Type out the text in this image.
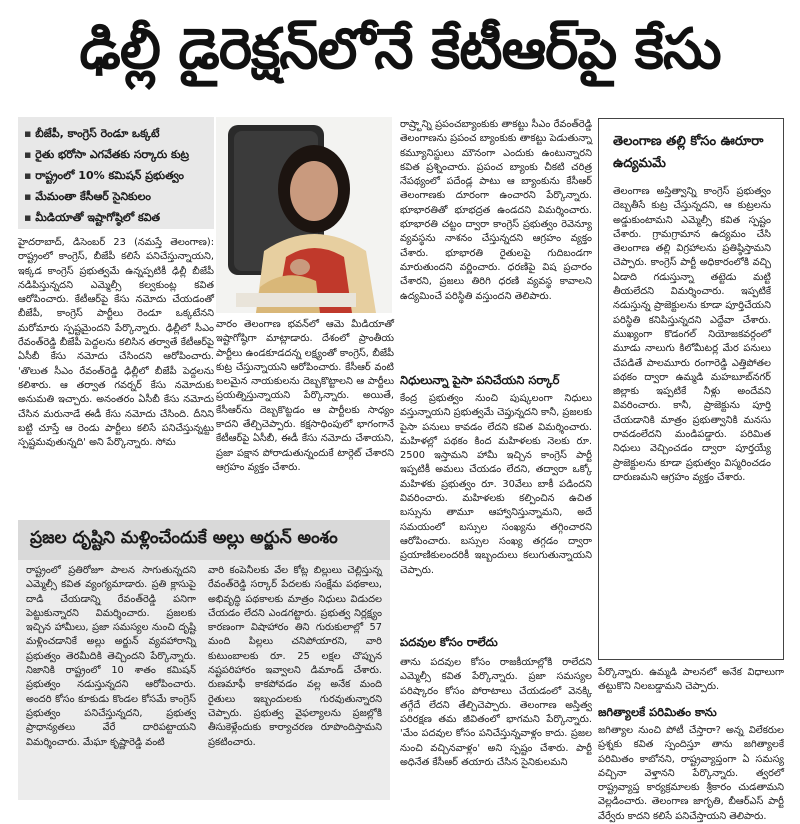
ఢిల్లీ డైరెక్షన్‌లోనే కేటీఆర్‌పై కేసు
▪ బీజేపీ, కాంగ్రెస్ రెండూ ఒక్కటే
▪ రైతు భరోసా ఎగవేతకు సర్కారు కుట్ర
▪ రాష్ట్రంలో 10% కమిషన్ ప్రభుత్వం
▪ మేమంతా కేసీఆర్ సైనికులం
▪ మీడియాతో ఇష్టాగోష్ఠిలో కవిత

హైదరాబాద్, డిసెంబర్ 23 (నమస్తే తెలంగాణ): రాష్ట్రంలో కాంగ్రెస్, బీజేపీ కలిసే పనిచేస్తున్నాయని, ఇక్కడ కాంగ్రెస్ ప్రభుత్వమే ఉన్నప్పటికీ ఢిల్లీ బీజేపీ నడిపిస్తున్నదని ఎమ్మెల్సీ కల్వకుంట్ల కవిత ఆరోపించారు. కేటీఆర్‌పై కేసు నమోదు చేయడంతో బీజేపీ, కాంగ్రెస్ పార్టీలు రెండూ ఒక్కటేనని మరోమారు స్పష్టమైందని పేర్కొన్నారు. ఢిల్లీలో సీఎం రేవంత్‌రెడ్డి బీజేపీ పెద్దలను కలిసిన తర్వాతే కేటీఆర్‌పై ఏసీబీ కేసు నమోదు చేసిందని ఆరోపించారు. 'తొలుత సీఎం రేవంత్‌రెడ్డి ఢిల్లీలో బీజేపీ పెద్దలను కలిశారు. ఆ తర్వాత గవర్నర్ కేసు నమోదుకు అనుమతి ఇచ్చారు. అనంతరం ఏసీబీ కేసు నమోదు చేసిన మరునాడే ఈడీ కేసు నమోదు చేసింది. దీనిని బట్టి చూస్తే ఆ రెండు పార్టీలు కలిసే పనిచేస్తున్నట్టు స్పష్టమవుతున్నది' అని పేర్కొన్నారు. సోమ

వారం తెలంగాణ భవన్‌లో ఆమె మీడియాతో ఇష్టాగోష్ఠిగా మాట్లాడారు. దేశంలో ప్రాంతీయ పార్టీలు ఉండకూడదన్న లక్ష్యంతో కాంగ్రెస్, బీజేపీ కుట్ర చేస్తున్నాయని ఆరోపించారు. కేసీఆర్ వంటి బలమైన నాయకులను దెబ్బకొట్టాలని ఆ పార్టీలు ప్రయత్నిస్తున్నాయని పేర్కొన్నారు. అయితే, కేసీఆర్‌ను దెబ్బకొట్టడం ఆ పార్టీలకు సాధ్యం కాదని తేల్చిచెప్పారు. కక్షసాధింపులో భాగంగానే కేటీఆర్‌పై ఏసీబీ, ఈడీ కేసు నమోదు చేశాయని, ప్రజా పక్షాన పోరాడుతున్నందుకే టార్గెట్ చేశారని ఆగ్రహం వ్యక్తం చేశారు.

రాష్ర్టాన్ని ప్రపంచబ్యాంకుకు తాకట్టు సీఎం రేవంత్‌రెడ్డి తెలంగాణను ప్రపంచ బ్యాంకుకు తాకట్టు పెడుతున్నా కమ్యూనిస్టులు మౌనంగా ఎందుకు ఉంటున్నారని కవిత ప్రశ్నించారు. ప్రపంచ బ్యాంకు చీకటి చరిత్ర నేపథ్యంలో పదేండ్ల పాటు ఆ బ్యాంకును కేసీఆర్ తెలంగాణకు దూరంగా ఉంచారని పేర్కొన్నారు. భూభారతితో భూభద్రత ఉండదని విమర్శించారు. భూభారతి చట్టం ద్వారా కాంగ్రెస్ ప్రభుత్వం రెవెన్యూ వ్యవస్థను నాశనం చేస్తున్నదని ఆగ్రహం వ్యక్తం చేశారు. భూభారతి రైతులపై గుదిబండగా మారుతుందని వర్ణించారు. ధరణిపై విష ప్రచారం చేశారని, ప్రజలు తిరిగి ధరణి వ్యవస్థ కావాలని ఉద్యమించే పరిస్థితి వస్తుందని తెలిపారు.

నిధులున్నా పైసా పనిచేయని సర్కార్

కేంద్ర ప్రభుత్వం నుంచి పుష్కలంగా నిధులు వస్తున్నాయని ప్రభుత్వమే చెప్తున్నదని కానీ, ప్రజలకు పైసా పనులు కావడం లేదని కవిత విమర్శించారు. మహిళల్లో పథకం కింద మహిళలకు నెలకు రూ. 2500 ఇస్తామని హామీ ఇచ్చిన కాంగ్రెస్ పార్టీ ఇప్పటికీ అమలు చేయడం లేదని, తద్వారా ఒక్కో మహిళకు ప్రభుత్వం రూ. 30వేలు బాకీ పడిందని వివరించారు. మహిళలకు కల్పించిన ఉచిత బస్సును తామూ ఆహ్వానిస్తున్నామని, అదే సమయంలో బస్సుల సంఖ్యను తగ్గించారని ఆరోపించారు. బస్సుల సంఖ్య తగ్గడం ద్వారా ప్రయాణికులందరికీ ఇబ్బందులు కలుగుతున్నాయని చెప్పారు.

పదవుల కోసం రాలేదు

తాను పదవుల కోసం రాజకీయాల్లోకి రాలేదని ఎమ్మెల్సీ కవిత పేర్కొన్నారు. ప్రజా సమస్యల పరిష్కారం కోసం పోరాటాలు చేయడంలో వెనక్కి తగ్గేదే లేదని తేల్చిచెప్పారు. తెలంగాణ అస్తిత్వ పరిరక్షణ తమ జీవితంలో భాగమని పేర్కొన్నారు. 'మేం పదవుల కోసం పనిచేస్తున్నవాళ్లం కాదు. ప్రజల నుంచి వచ్చినవాళ్లం' అని స్పష్టం చేశారు. పార్టీ అధినేత కేసీఆర్ తయారు చేసిన సైనికులమని

తెలంగాణ తల్లి కోసం ఊరూరా ఉద్యమమే

తెలంగాణ అస్తిత్వాన్ని కాంగ్రెస్ ప్రభుత్వం దెబ్బతీసే కుట్ర చేస్తున్నదని, ఆ కుట్రలను అడ్డుకుంటామని ఎమ్మెల్సీ కవిత స్పష్టం చేశారు. గ్రామగ్రామాన ఉద్యమం చేసి తెలంగాణ తల్లి విగ్రహాలను ప్రతిష్ఠిస్తామని చెప్పారు. కాంగ్రెస్ పార్టీ అధికారంలోకి వచ్చి ఏడాది గడుస్తున్నా తట్టెడు మట్టి తీయలేదని విమర్శించారు. ఇప్పటికే నడుస్తున్న ప్రాజెక్టులను కూడా పూర్తిచేయని పరిస్థితి కనిపిస్తున్నదని ఎద్దేవా చేశారు. ముఖ్యంగా కొడంగల్ నియోజకవర్గంలో మూడు నాలుగు కిలోమీటర్ల మేర పనులు చేపడితే పాలమూరు రంగారెడ్డి ఎత్తిపోతల పథకం ద్వారా ఉమ్మడి మహబూబ్‌నగర్ జిల్లాకు ఇప్పటికే నీళ్లు అందేవని వివరించారు. కానీ, ప్రాజెక్టును పూర్తి చేయడానికి మాత్రం ప్రభుత్వానికి మనసు రావడంలేదని మండిపడ్డారు. పరిమిత నిధులు వెచ్చించడం ద్వారా పూర్తయ్యే ప్రాజెక్టులను కూడా ప్రభుత్వం విస్మరించడం దారుణమని ఆగ్రహం వ్యక్తం చేశారు.

పేర్కొన్నారు. ఉమ్మడి పాలనలో అనేక విధాలుగా తట్టుకొని నిలబడ్డామని చెప్పారు.

జగిత్యాలకే పరిమితం కాను

జగిత్యాల నుంచి పోటీ చేస్తారా? అన్న విలేకరుల ప్రశ్నకు కవిత స్పందిస్తూ తాను జగిత్యాలకే పరిమితం కాబోనని, రాష్ట్రవ్యాప్తంగా ఏ సమస్య వచ్చినా వెళ్తానని పేర్కొన్నారు. త్వరలో రాష్ట్రవ్యాప్త కార్యక్రమాలకు శ్రీకారం చుడతామని వెల్లడించారు. తెలంగాణ జాగృతి, బీఆర్‌ఎస్ పార్టీ వేర్వేరు కాదని కలిసే పనిచేస్తాయని తెలిపారు.

ప్రజల దృష్టిని మళ్లించేందుకే అల్లు అర్జున్ అంశం

రాష్ట్రంలో ప్రతిరోజూ పాలన సాగుతున్నదని ఎమ్మెల్సీ కవిత వ్యంగ్యమాడారు. ప్రతి క్లాసుపై దాడి చేయడాన్ని రేవంత్‌రెడ్డి పనిగా పెట్టుకున్నారని విమర్శించారు. ప్రజలకు ఇచ్చిన హామీలు, ప్రజా సమస్యల నుంచి దృష్టి మళ్లించడానికే అల్లు అర్జున్ వ్యవహారాన్ని ప్రభుత్వం తెరమీదికి తెచ్చిందని పేర్కొన్నారు. నిజానికి రాష్ట్రంలో 10 శాతం కమిషన్ ప్రభుత్వం నడుస్తున్నదని ఆరోపించారు. అందరి కోసం కూకుడు కొండల కోసమే కాంగ్రెస్ ప్రభుత్వం పనిచేస్తున్నదని, ప్రభుత్వ ప్రాధాన్యతలు వేరే దారిపట్టాయని విమర్శించారు. మేఘా కృష్ణారెడ్డి వంటి

వారి కంపెనీలకు వేల కోట్ల బిల్లులు చెల్లిస్తున్న రేవంత్‌రెడ్డి సర్కార్ పేదలకు సంక్షేమ పథకాలు, అభివృద్ధి పథకాలకు మాత్రం నిధులు విడుదల చేయడం లేదని ఎండగట్టారు. ప్రభుత్వ నిర్లక్ష్యం కారణంగా విషాహారం తిని గురుకులాల్లో 57 మంది పిల్లలు చనిపోయారని, వారి కుటుంబాలకు రూ. 25 లక్షల చొప్పున నష్టపరిహారం ఇవ్వాలని డిమాండ్ చేశారు. రుణమాఫీ కాకపోవడం వల్ల అనేక మంది రైతులు ఇబ్బందులకు గురవుతున్నారని చెప్పారు. ప్రభుత్వ వైఫల్యాలను ప్రజల్లోకి తీసుకెళ్లేందుకు కార్యాచరణ రూపొందిస్తామని ప్రకటించారు.
